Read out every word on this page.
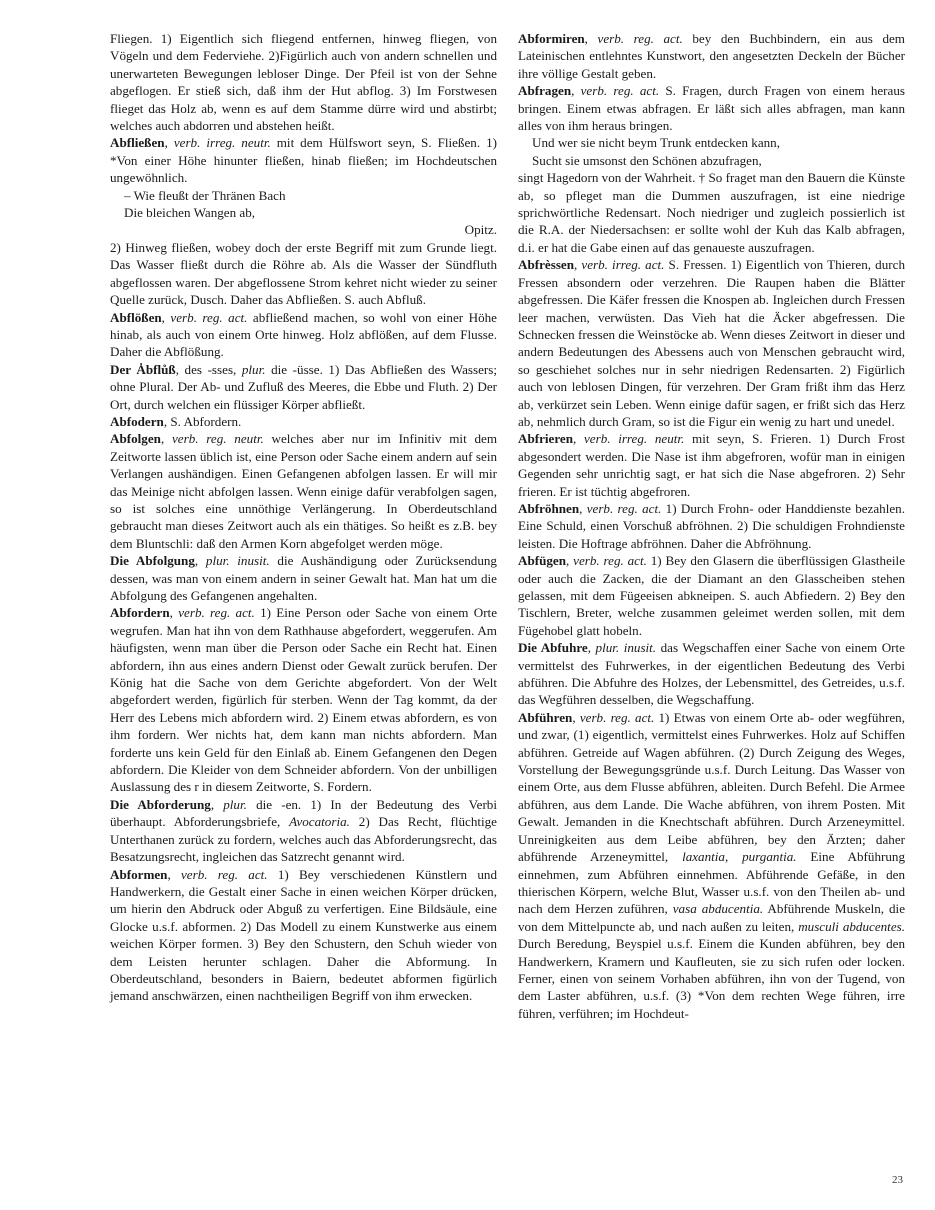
Fliegen. 1) Eigentlich sich fliegend entfernen, hinweg fliegen, von Vögeln und dem Federviehe. 2)Figürlich auch von andern schnellen und unerwarteten Bewegungen lebloser Dinge. Der Pfeil ist von der Sehne abgeflogen. Er stieß sich, daß ihm der Hut abflog. 3) Im Forstwesen flieget das Holz ab, wenn es auf dem Stamme dürre wird und abstirbt; welches auch abdorren und abstehen heißt.

Abfließen, verb. irreg. neutr. mit dem Hülfswort seyn, S. Fließen. 1) *Von einer Höhe hinunter fließen, hinab fließen; im Hochdeutschen ungewöhnlich.

– Wie fleußt der Thränen Bach

Die bleichen Wangen ab,

Opitz.

2) Hinweg fließen, wobey doch der erste Begriff mit zum Grunde liegt. Das Wasser fließt durch die Röhre ab. Als die Wasser der Sündfluth abgeflossen waren. Der abgeflossene Strom kehret nicht wieder zu seiner Quelle zurück, Dusch. Daher das Abfließen. S. auch Abfluß.

Abflößen, verb. reg. act. abfließend machen, so wohl von einer Höhe hinab, als auch von einem Orte hinweg. Holz abflößen, auf dem Flusse. Daher die Abflößung.

Der Ȧbflůß, des -sses, plur. die -üsse. 1) Das Abfließen des Wassers; ohne Plural. Der Ab- und Zufluß des Meeres, die Ebbe und Fluth. 2) Der Ort, durch welchen ein flüssiger Körper abfließt.

Abfodern, S. Abfordern.

Abfolgen, verb. reg. neutr. welches aber nur im Infinitiv mit dem Zeitworte lassen üblich ist, eine Person oder Sache einem andern auf sein Verlangen aushändigen. Einen Gefangenen abfolgen lassen. Er will mir das Meinige nicht abfolgen lassen. Wenn einige dafür verabfolgen sagen, so ist solches eine unnöthige Verlängerung. In Oberdeutschland gebraucht man dieses Zeitwort auch als ein thätiges. So heißt es z.B. bey dem Bluntschli: daß den Armen Korn abgefolget werden möge.

Die Abfolgung, plur. inusit. die Aushändigung oder Zurücksendung dessen, was man von einem andern in seiner Gewalt hat. Man hat um die Abfolgung des Gefangenen angehalten.

Abfordern, verb. reg. act. 1) Eine Person oder Sache von einem Orte wegrufen. Man hat ihn von dem Rathhause abgefordert, weggerufen. Am häufigsten, wenn man über die Person oder Sache ein Recht hat. Einen abfordern, ihn aus eines andern Dienst oder Gewalt zurück berufen. Der König hat die Sache von dem Gerichte abgefordert. Von der Welt abgefordert werden, figürlich für sterben. Wenn der Tag kommt, da der Herr des Lebens mich abfordern wird. 2) Einem etwas abfordern, es von ihm fordern. Wer nichts hat, dem kann man nichts abfordern. Man forderte uns kein Geld für den Einlaß ab. Einem Gefangenen den Degen abfordern. Die Kleider von dem Schneider abfordern. Von der unbilligen Auslassung des r in diesem Zeitworte, S. Fordern.

Die Abforderung, plur. die -en. 1) In der Bedeutung des Verbi überhaupt. Abforderungsbriefe, Avocatoria. 2) Das Recht, flüchtige Unterthanen zurück zu fordern, welches auch das Abforderungsrecht, das Besatzungsrecht, ingleichen das Satzrecht genannt wird.

Abformen, verb. reg. act. 1) Bey verschiedenen Künstlern und Handwerkern, die Gestalt einer Sache in einen weichen Körper drücken, um hierin den Abdruck oder Abguß zu verfertigen. Eine Bildsäule, eine Glocke u.s.f. abformen. 2) Das Modell zu einem Kunstwerke aus einem weichen Körper formen. 3) Bey den Schustern, den Schuh wieder von dem Leisten herunter schlagen. Daher die Abformung. In Oberdeutschland, besonders in Baiern, bedeutet abformen figürlich jemand anschwärzen, einen nachtheiligen Begriff von ihm erwecken.

Abformiren, verb. reg. act. bey den Buchbindern, ein aus dem Lateinischen entlehntes Kunstwort, den angesetzten Deckeln der Bücher ihre völlige Gestalt geben.

Abfragen, verb. reg. act. S. Fragen, durch Fragen von einem heraus bringen. Einem etwas abfragen. Er läßt sich alles abfragen, man kann alles von ihm heraus bringen.

Und wer sie nicht beym Trunk entdecken kann,

Sucht sie umsonst den Schönen abzufragen,

singt Hagedorn von der Wahrheit. † So fraget man den Bauern die Künste ab, so pfleget man die Dummen auszufragen, ist eine niedrige sprichwörtliche Redensart. Noch niedriger und zugleich possierlich ist die R.A. der Niedersachsen: er sollte wohl der Kuh das Kalb abfragen, d.i. er hat die Gabe einen auf das genaueste auszufragen.

Abfrèssen, verb. irreg. act. S. Fressen. 1) Eigentlich von Thieren, durch Fressen absondern oder verzehren. Die Raupen haben die Blätter abgefressen. Die Käfer fressen die Knospen ab. Ingleichen durch Fressen leer machen, verwüsten. Das Vieh hat die Äcker abgefressen. Die Schnecken fressen die Weinstöcke ab. Wenn dieses Zeitwort in dieser und andern Bedeutungen des Abessens auch von Menschen gebraucht wird, so geschiehet solches nur in sehr niedrigen Redensarten. 2) Figürlich auch von leblosen Dingen, für verzehren. Der Gram frißt ihm das Herz ab, verkürzet sein Leben. Wenn einige dafür sagen, er frißt sich das Herz ab, nehmlich durch Gram, so ist die Figur ein wenig zu hart und unedel.

Abfrieren, verb. irreg. neutr. mit seyn, S. Frieren. 1) Durch Frost abgesondert werden. Die Nase ist ihm abgefroren, wofür man in einigen Gegenden sehr unrichtig sagt, er hat sich die Nase abgefroren. 2) Sehr frieren. Er ist tüchtig abgefroren.

Abfröhnen, verb. reg. act. 1) Durch Frohn- oder Handdienste bezahlen. Eine Schuld, einen Vorschuß abfröhnen. 2) Die schuldigen Frohndienste leisten. Die Hoftrage abfröhnen. Daher die Abfröhnung.

Abfügen, verb. reg. act. 1) Bey den Glasern die überflüssigen Glastheile oder auch die Zacken, die der Diamant an den Glasscheiben stehen gelassen, mit dem Fügeeisen abkneipen. S. auch Abfiedern. 2) Bey den Tischlern, Breter, welche zusammen geleimet werden sollen, mit dem Fügehobel glatt hobeln.

Die Abfuhre, plur. inusit. das Wegschaffen einer Sache von einem Orte vermittelst des Fuhrwerkes, in der eigentlichen Bedeutung des Verbi abführen. Die Abfuhre des Holzes, der Lebensmittel, des Getreides, u.s.f. das Wegführen desselben, die Wegschaffung.

Abführen, verb. reg. act. 1) Etwas von einem Orte ab- oder wegführen, und zwar, (1) eigentlich, vermittelst eines Fuhrwerkes. Holz auf Schiffen abführen. Getreide auf Wagen abführen. (2) Durch Zeigung des Weges, Vorstellung der Bewegungsgründe u.s.f. Durch Leitung. Das Wasser von einem Orte, aus dem Flusse abführen, ableiten. Durch Befehl. Die Armee abführen, aus dem Lande. Die Wache abführen, von ihrem Posten. Mit Gewalt. Jemanden in die Knechtschaft abführen. Durch Arzeneymittel. Unreinigkeiten aus dem Leibe abführen, bey den Ärzten; daher abführende Arzeneymittel, laxantia, purgantia. Eine Abführung einnehmen, zum Abführen einnehmen. Abführende Gefäße, in den thierischen Körpern, welche Blut, Wasser u.s.f. von den Theilen ab- und nach dem Herzen zuführen, vasa abducentia. Abführende Muskeln, die von dem Mittelpuncte ab, und nach außen zu leiten, musculi abducentes. Durch Beredung, Beyspiel u.s.f. Einem die Kunden abführen, bey den Handwerkern, Kramern und Kaufleuten, sie zu sich rufen oder locken. Ferner, einen von seinem Vorhaben abführen, ihn von der Tugend, von dem Laster abführen, u.s.f. (3) *Von dem rechten Wege führen, irre führen, verführen; im Hochdeut-

23
